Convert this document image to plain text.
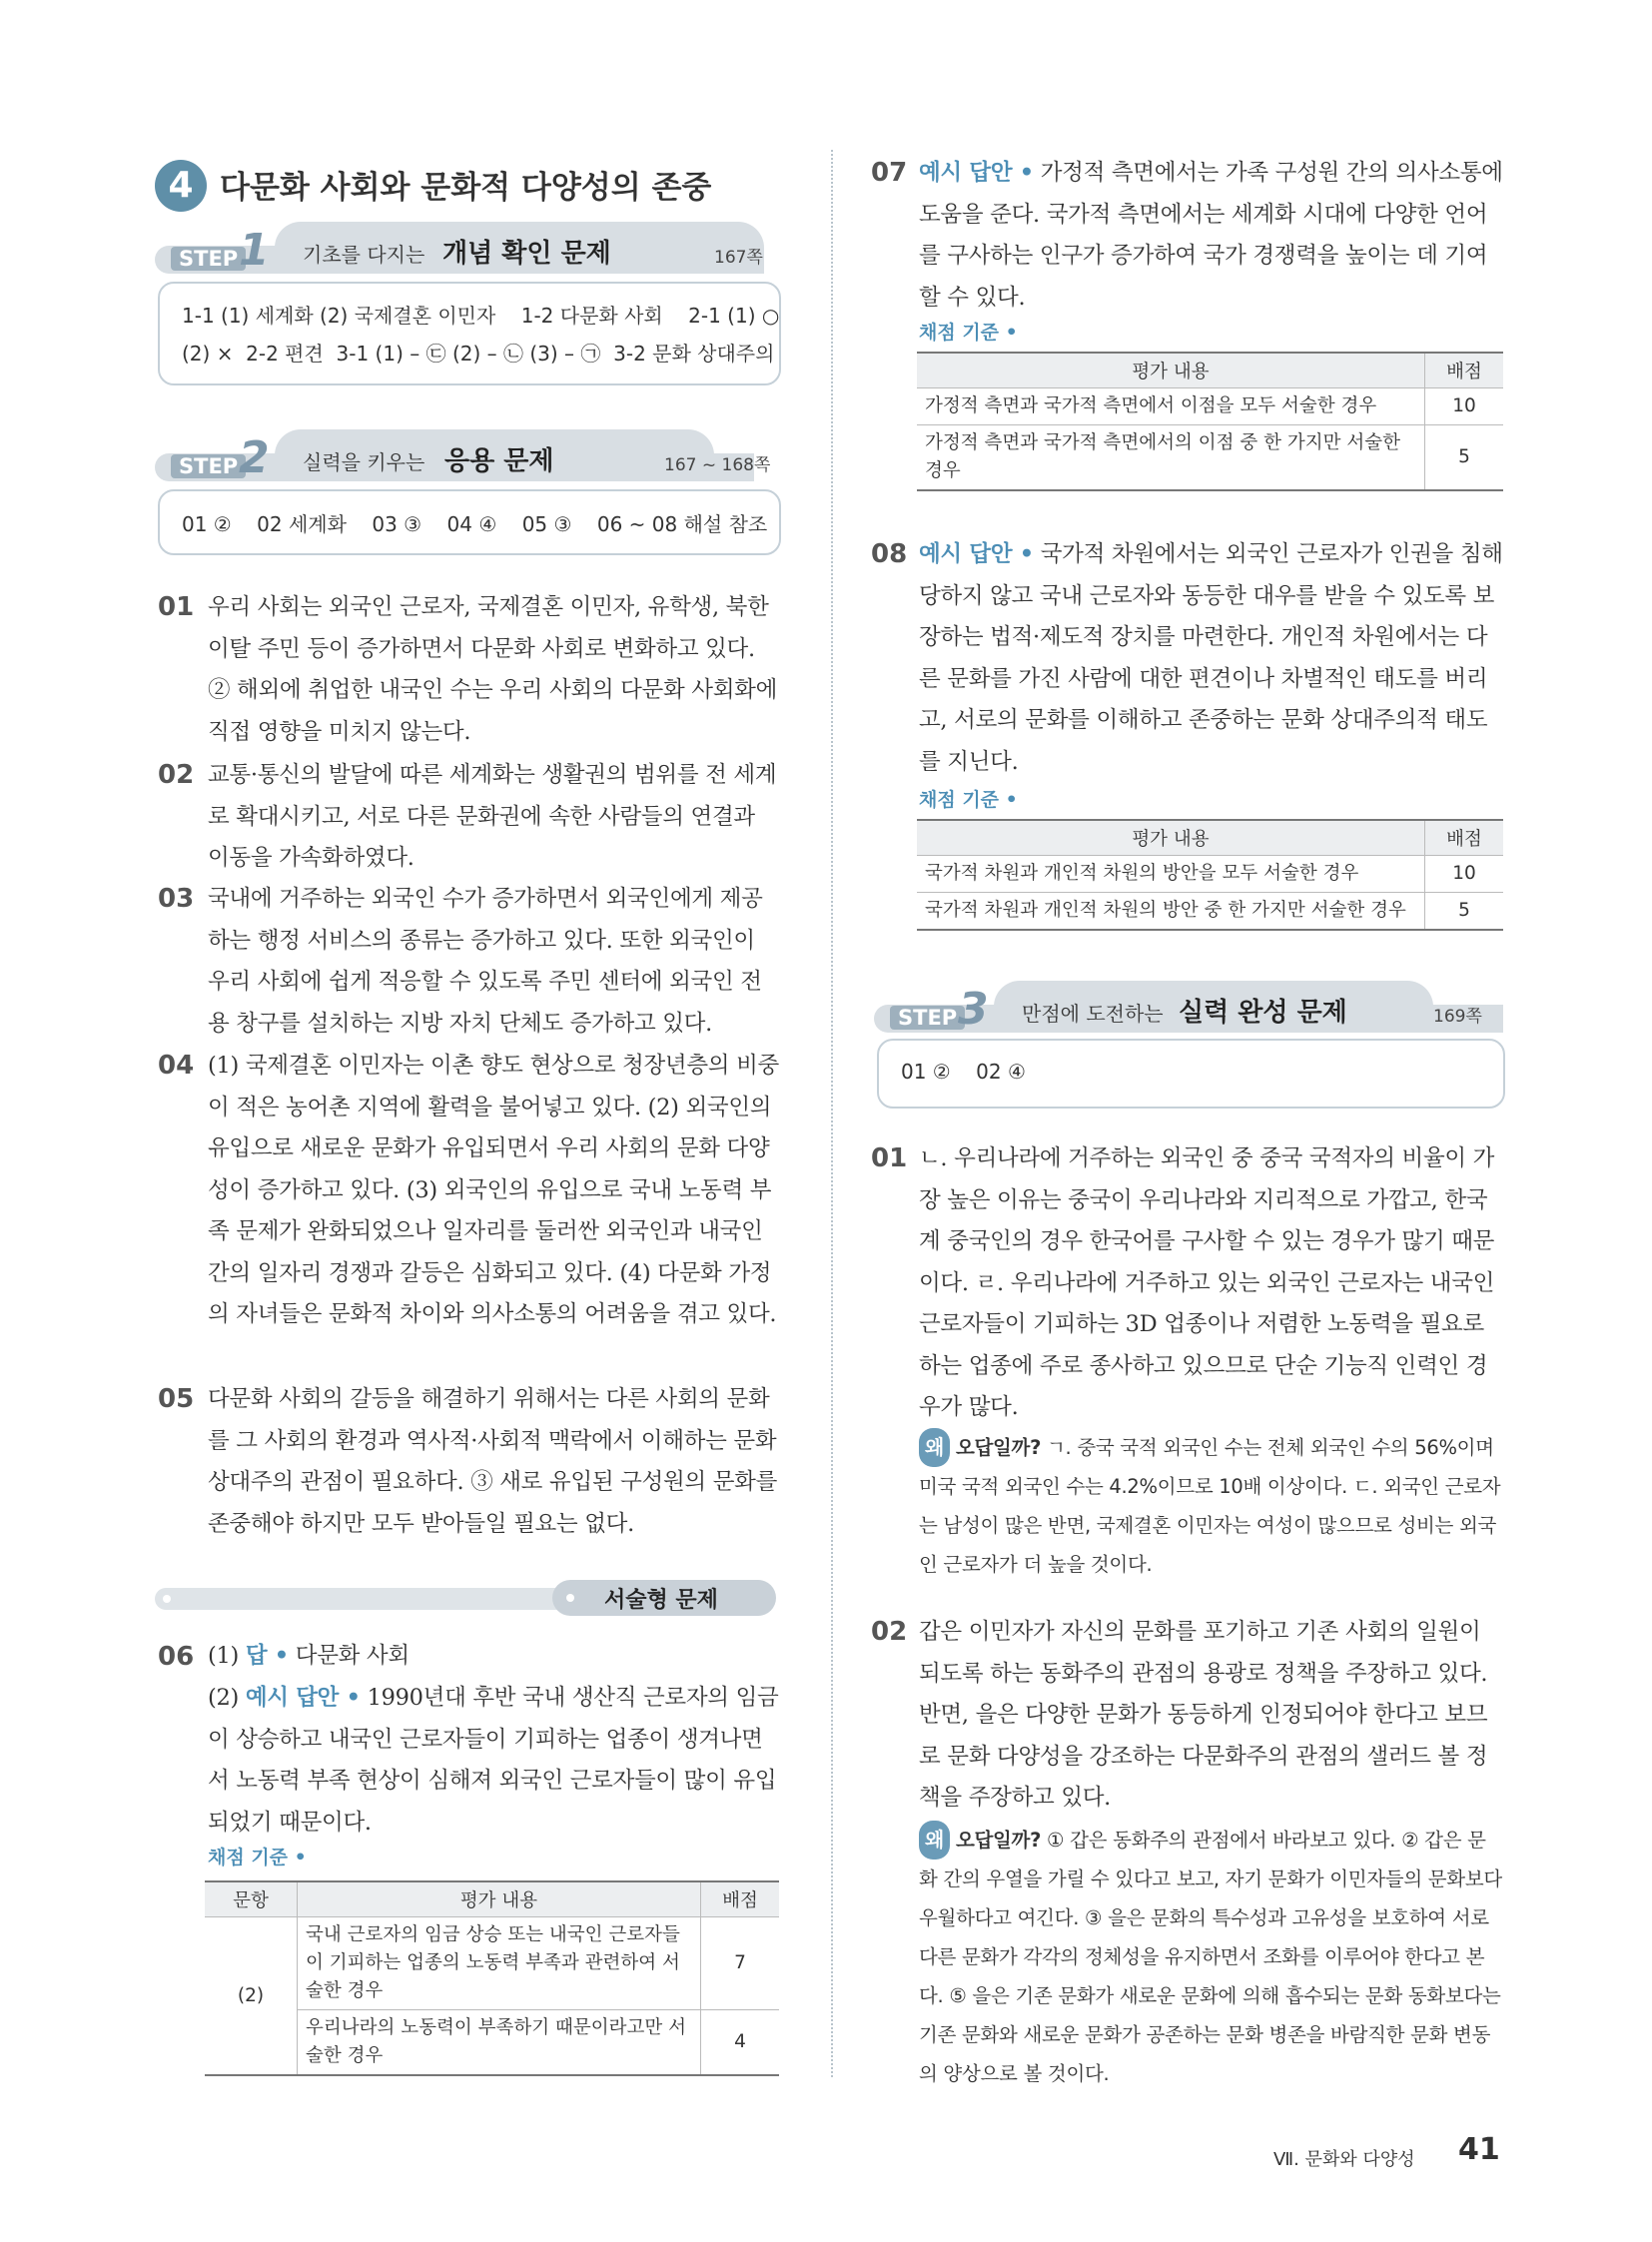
4 다문화 사회와 문화적 다양성의 존중
STEP 1 기초를 다지는 개념 확인 문제	167쪽
1-1 (1) 세계화 (2) 국제결혼 이민자    1-2 다문화 사회    2-1 (1) ○
(2) ×  2-2 편견  3-1 (1) – ㉢ (2) – ㉡ (3) – ㉠  3-2 문화 상대주의
STEP 2 실력을 키우는 응용 문제	167 ~ 168쪽
01 ②    02 세계화    03 ③    04 ④    05 ③    06 ~ 08 해설 참조
01 우리 사회는 외국인 근로자, 국제결혼 이민자, 유학생, 북한 이탈 주민 등이 증가하면서 다문화 사회로 변화하고 있다. ② 해외에 취업한 내국인 수는 우리 사회의 다문화 사회화에 직접 영향을 미치지 않는다.
02 교통·통신의 발달에 따른 세계화는 생활권의 범위를 전 세계로 확대시키고, 서로 다른 문화권에 속한 사람들의 연결과 이동을 가속화하였다.
03 국내에 거주하는 외국인 수가 증가하면서 외국인에게 제공하는 행정 서비스의 종류는 증가하고 있다. 또한 외국인이 우리 사회에 쉽게 적응할 수 있도록 주민 센터에 외국인 전용 창구를 설치하는 지방 자치 단체도 증가하고 있다.
04 (1) 국제결혼 이민자는 이촌 향도 현상으로 청장년층의 비중이 적은 농어촌 지역에 활력을 불어넣고 있다. (2) 외국인의 유입으로 새로운 문화가 유입되면서 우리 사회의 문화 다양성이 증가하고 있다. (3) 외국인의 유입으로 국내 노동력 부족 문제가 완화되었으나 일자리를 둘러싼 외국인과 내국인 간의 일자리 경쟁과 갈등은 심화되고 있다. (4) 다문화 가정의 자녀들은 문화적 차이와 의사소통의 어려움을 겪고 있다.
05 다문화 사회의 갈등을 해결하기 위해서는 다른 사회의 문화를 그 사회의 환경과 역사적·사회적 맥락에서 이해하는 문화 상대주의 관점이 필요하다. ③ 새로 유입된 구성원의 문화를 존중해야 하지만 모두 받아들일 필요는 없다.
서술형 문제
06 (1) 답 • 다문화 사회
(2) 예시 답안 • 1990년대 후반 국내 생산직 근로자의 임금이 상승하고 내국인 근로자들이 기피하는 업종이 생겨나면서 노동력 부족 현상이 심해져 외국인 근로자들이 많이 유입되었기 때문이다.
채점 기준 •
문항	평가 내용	배점
(2)	국내 근로자의 임금 상승 또는 내국인 근로자들이 기피하는 업종의 노동력 부족과 관련하여 서술한 경우	7
	우리나라의 노동력이 부족하기 때문이라고만 서술한 경우	4
07 예시 답안 • 가정적 측면에서는 가족 구성원 간의 의사소통에 도움을 준다. 국가적 측면에서는 세계화 시대에 다양한 언어를 구사하는 인구가 증가하여 국가 경쟁력을 높이는 데 기여할 수 있다.
채점 기준 •
평가 내용	배점
가정적 측면과 국가적 측면에서 이점을 모두 서술한 경우	10
가정적 측면과 국가적 측면에서의 이점 중 한 가지만 서술한 경우	5
08 예시 답안 • 국가적 차원에서는 외국인 근로자가 인권을 침해당하지 않고 국내 근로자와 동등한 대우를 받을 수 있도록 보장하는 법적·제도적 장치를 마련한다. 개인적 차원에서는 다른 문화를 가진 사람에 대한 편견이나 차별적인 태도를 버리고, 서로의 문화를 이해하고 존중하는 문화 상대주의적 태도를 지닌다.
채점 기준 •
평가 내용	배점
국가적 차원과 개인적 차원의 방안을 모두 서술한 경우	10
국가적 차원과 개인적 차원의 방안 중 한 가지만 서술한 경우	5
STEP 3 만점에 도전하는 실력 완성 문제	169쪽
01 ②    02 ④
01 ㄴ. 우리나라에 거주하는 외국인 중 중국 국적자의 비율이 가장 높은 이유는 중국이 우리나라와 지리적으로 가깝고, 한국계 중국인의 경우 한국어를 구사할 수 있는 경우가 많기 때문이다. ㄹ. 우리나라에 거주하고 있는 외국인 근로자는 내국인 근로자들이 기피하는 3D 업종이나 저렴한 노동력을 필요로 하는 업종에 주로 종사하고 있으므로 단순 기능직 인력인 경우가 많다.
왜 오답일까? ㄱ. 중국 국적 외국인 수는 전체 외국인 수의 56%이며 미국 국적 외국인 수는 4.2%이므로 10배 이상이다. ㄷ. 외국인 근로자는 남성이 많은 반면, 국제결혼 이민자는 여성이 많으므로 성비는 외국인 근로자가 더 높을 것이다.
02 갑은 이민자가 자신의 문화를 포기하고 기존 사회의 일원이 되도록 하는 동화주의 관점의 용광로 정책을 주장하고 있다. 반면, 을은 다양한 문화가 동등하게 인정되어야 한다고 보므로 문화 다양성을 강조하는 다문화주의 관점의 샐러드 볼 정책을 주장하고 있다.
왜 오답일까? ① 갑은 동화주의 관점에서 바라보고 있다. ② 갑은 문화 간의 우열을 가릴 수 있다고 보고, 자기 문화가 이민자들의 문화보다 우월하다고 여긴다. ③ 을은 문화의 특수성과 고유성을 보호하여 서로 다른 문화가 각각의 정체성을 유지하면서 조화를 이루어야 한다고 본다. ⑤ 을은 기존 문화가 새로운 문화에 의해 흡수되는 문화 동화보다는 기존 문화와 새로운 문화가 공존하는 문화 병존을 바람직한 문화 변동의 양상으로 볼 것이다.
Ⅶ. 문화와 다양성 41
